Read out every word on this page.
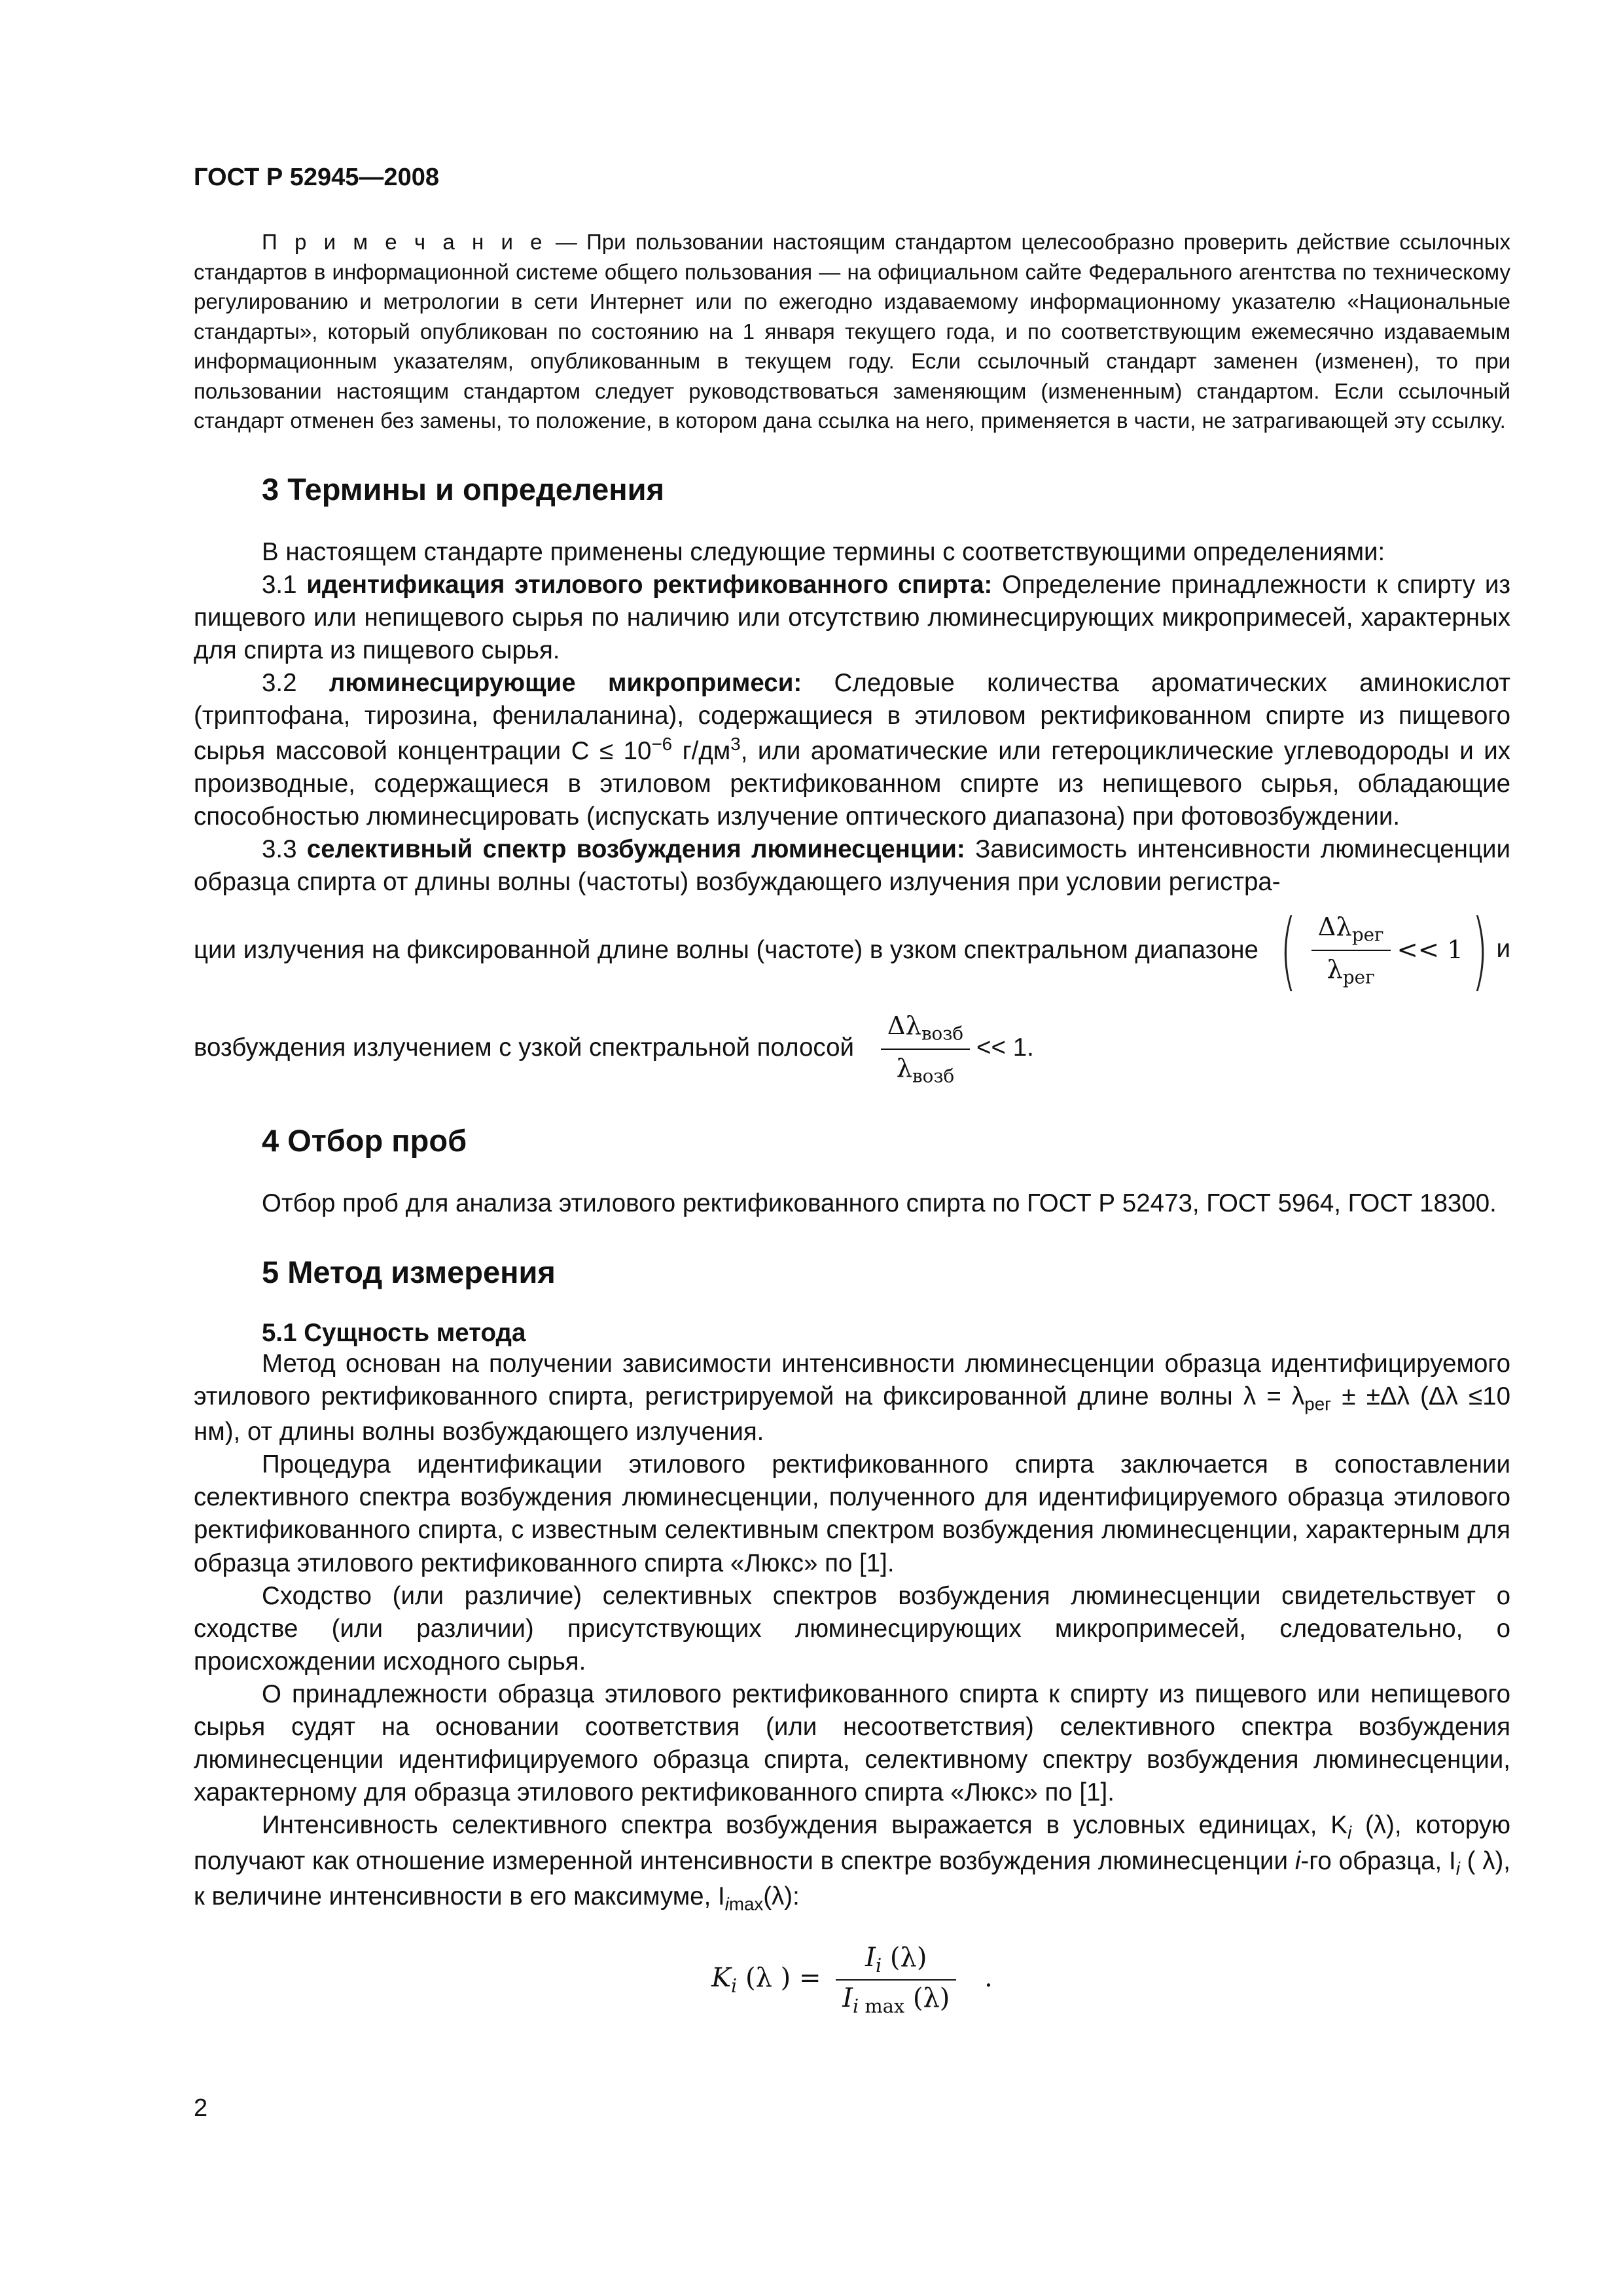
ГОСТ Р 52945—2008

П р и м е ч а н и е — При пользовании настоящим стандартом целесообразно проверить действие ссылочных стандартов в информационной системе общего пользования — на официальном сайте Федерального агентства по техническому регулированию и метрологии в сети Интернет или по ежегодно издаваемому информационному указателю «Национальные стандарты», который опубликован по состоянию на 1 января текущего года, и по соответствующим ежемесячно издаваемым информационным указателям, опубликованным в текущем году. Если ссылочный стандарт заменен (изменен), то при пользовании настоящим стандартом следует руководствоваться заменяющим (измененным) стандартом. Если ссылочный стандарт отменен без замены, то положение, в котором дана ссылка на него, применяется в части, не затрагивающей эту ссылку.

3 Термины и определения

В настоящем стандарте применены следующие термины с соответствующими определениями:

3.1 идентификация этилового ректификованного спирта: Определение принадлежности к спирту из пищевого или непищевого сырья по наличию или отсутствию люминесцирующих микропримесей, характерных для спирта из пищевого сырья.

3.2 люминесцирующие микропримеси: Следовые количества ароматических аминокислот (триптофана, тирозина, фенилаланина), содержащиеся в этиловом ректификованном спирте из пищевого сырья массовой концентрации $C \le 10^{-6}$ $г/дм^3$, или ароматические или гетероциклические углеводороды и их производные, содержащиеся в этиловом ректификованном спирте из непищевого сырья, обладающие способностью люминесцировать (испускать излучение оптического диапазона) при фотовозбуждении.

3.3 селективный спектр возбуждения люминесценции: Зависимость интенсивности люминесценции образца спирта от длины волны (частоты) возбуждающего излучения при условии регистра-

ции излучения на фиксированной длине волны (частоте) в узком спектральном диапазоне ( $\frac{\Delta\lambda_{рег}}{\lambda_{рег}} << 1$ ) и

возбуждения излучением с узкой спектральной полосой $\frac{\Delta\lambda_{возб}}{\lambda_{возб}} << 1$.

4 Отбор проб

Отбор проб для анализа этилового ректификованного спирта по ГОСТ Р 52473, ГОСТ 5964, ГОСТ 18300.

5 Метод измерения

5.1 Сущность метода

Метод основан на получении зависимости интенсивности люминесценции образца идентифицируемого этилового ректификованного спирта, регистрируемой на фиксированной длине волны $\lambda = \lambda_{рег} \pm \pm\Delta\lambda$ (Δλ ≤10 нм), от длины волны возбуждающего излучения.

Процедура идентификации этилового ректификованного спирта заключается в сопоставлении селективного спектра возбуждения люминесценции, полученного для идентифицируемого образца этилового ректификованного спирта, с известным селективным спектром возбуждения люминесценции, характерным для образца этилового ректификованного спирта «Люкс» по [1].

Сходство (или различие) селективных спектров возбуждения люминесценции свидетельствует о сходстве (или различии) присутствующих люминесцирующих микропримесей, следовательно, о происхождении исходного сырья.

О принадлежности образца этилового ректификованного спирта к спирту из пищевого или непищевого сырья судят на основании соответствия (или несоответствия) селективного спектра возбуждения люминесценции идентифицируемого образца спирта, селективному спектру возбуждения люминесценции, характерному для образца этилового ректификованного спирта «Люкс» по [1].

Интенсивность селективного спектра возбуждения выражается в условных единицах, $K_i$ (λ), которую получают как отношение измеренной интенсивности в спектре возбуждения люминесценции i-го образца, $I_i$ ( λ), к величине интенсивности в его максимуме, $I_{imax}(\lambda)$:

$K_i$ (λ ) = $\frac{I_i (\lambda)}{I_{i max} (\lambda)}$ .
2
